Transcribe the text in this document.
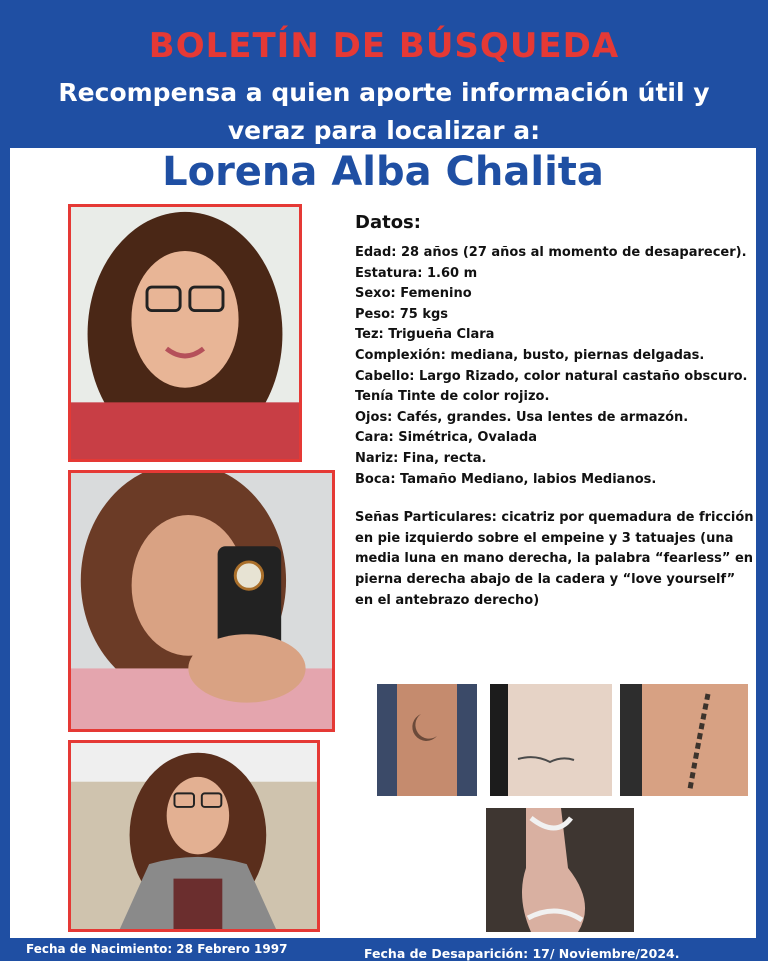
BOLETÍN DE BÚSQUEDA
Recompensa a quien aporte información útil y veraz para localizar a:
Lorena Alba Chalita
Datos:

Edad: 28 años (27 años al momento de desaparecer).

Estatura: 1.60 m

Sexo: Femenino

Peso: 75 kgs

Tez: Trigueña Clara

Complexión: mediana, busto, piernas delgadas.

Cabello: Largo Rizado, color natural castaño obscuro. Tenía Tinte de color rojizo.

Ojos: Cafés, grandes. Usa lentes de armazón.

Cara: Simétrica, Ovalada

Nariz: Fina, recta.

Boca: Tamaño Mediano, labios Medianos.

Señas Particulares: cicatriz por quemadura de fricción en pie izquierdo sobre el empeine y 3 tatuajes (una media luna en mano derecha, la palabra “fearless” en pierna derecha abajo de la cadera y “love yourself” en el antebrazo derecho)

Fecha de Nacimiento: 28 Febrero 1997	Fecha de Desaparición: 17/ Noviembre/2024.
